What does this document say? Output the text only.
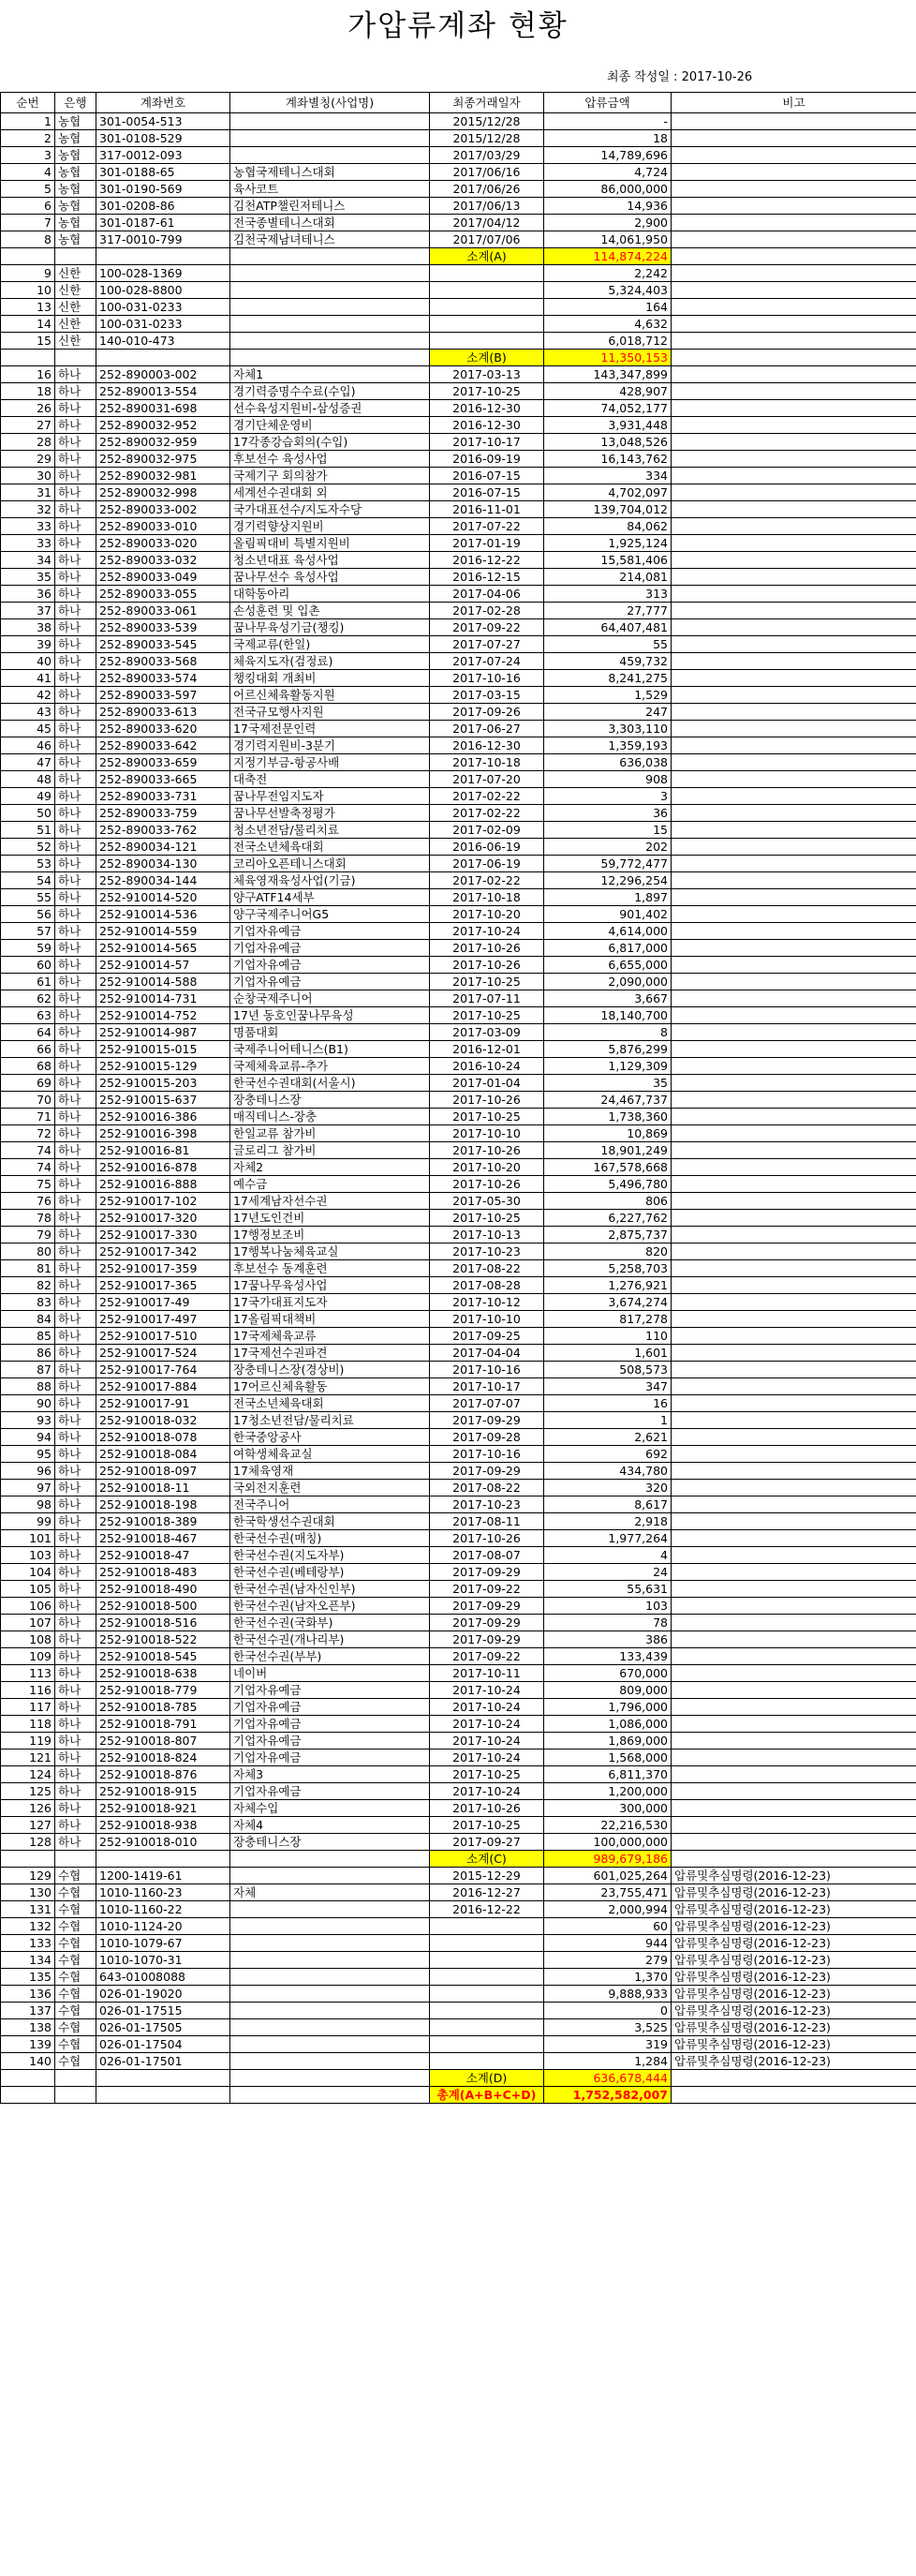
가압류계좌 현황
최종 작성일 : 2017-10-26
순번	은행	계좌번호	계좌별칭(사업명)	최종거래일자	압류금액	비고
1	농협	301-0054-513		2015/12/28	-	
2	농협	301-0108-529		2015/12/28	18	
3	농협	317-0012-093		2017/03/29	14,789,696	
4	농협	301-0188-65	농협국제테니스대회	2017/06/16	4,724	
5	농협	301-0190-569	육사코트	2017/06/26	86,000,000	
6	농협	301-0208-86	김천ATP챌린저테니스	2017/06/13	14,936	
7	농협	301-0187-61	전국종별테니스대회	2017/04/12	2,900	
8	농협	317-0010-799	김천국제남녀테니스	2017/07/06	14,061,950	
				소계(A)	114,874,224	
9	신한	100-028-1369			2,242	
10	신한	100-028-8800			5,324,403	
13	신한	100-031-0233			164	
14	신한	100-031-0233			4,632	
15	신한	140-010-473			6,018,712	
				소계(B)	11,350,153	
16	하나	252-890003-002	자체1	2017-03-13	143,347,899	
18	하나	252-890013-554	경기력증명수수료(수입)	2017-10-25	428,907	
26	하나	252-890031-698	선수육성지원비-삼성증권	2016-12-30	74,052,177	
27	하나	252-890032-952	경기단체운영비	2016-12-30	3,931,448	
28	하나	252-890032-959	17각종강습회의(수입)	2017-10-17	13,048,526	
29	하나	252-890032-975	후보선수 육성사업	2016-09-19	16,143,762	
30	하나	252-890032-981	국제기구 회의참가	2016-07-15	334	
31	하나	252-890032-998	세계선수권대회 외	2016-07-15	4,702,097	
32	하나	252-890033-002	국가대표선수/지도자수당	2016-11-01	139,704,012	
33	하나	252-890033-010	경기력향상지원비	2017-07-22	84,062	
33	하나	252-890033-020	올림픽대비 특별지원비	2017-01-19	1,925,124	
34	하나	252-890033-032	청소년대표 육성사업	2016-12-22	15,581,406	
35	하나	252-890033-049	꿈나무선수 육성사업	2016-12-15	214,081	
36	하나	252-890033-055	대학동아리	2017-04-06	313	
37	하나	252-890033-061	손성훈련 및 입촌	2017-02-28	27,777	
38	하나	252-890033-539	꿈나무육성기금(챙킹)	2017-09-22	64,407,481	
39	하나	252-890033-545	국제교류(한일)	2017-07-27	55	
40	하나	252-890033-568	체육지도자(검정료)	2017-07-24	459,732	
41	하나	252-890033-574	챙킹대회 개최비	2017-10-16	8,241,275	
42	하나	252-890033-597	어르신체육활동지원	2017-03-15	1,529	
43	하나	252-890033-613	전국규모행사지원	2017-09-26	247	
45	하나	252-890033-620	17국제전문인력	2017-06-27	3,303,110	
46	하나	252-890033-642	경기력지원비-3분기	2016-12-30	1,359,193	
47	하나	252-890033-659	지정기부금-항공사배	2017-10-18	636,038	
48	하나	252-890033-665	대축전	2017-07-20	908	
49	하나	252-890033-731	꿈나무전임지도자	2017-02-22	3	
50	하나	252-890033-759	꿈나무선발축정평가	2017-02-22	36	
51	하나	252-890033-762	청소년전담/물리치료	2017-02-09	15	
52	하나	252-890034-121	전국소년체육대회	2016-06-19	202	
53	하나	252-890034-130	코리아오픈테니스대회	2017-06-19	59,772,477	
54	하나	252-890034-144	체육영재육성사업(기금)	2017-02-22	12,296,254	
55	하나	252-910014-520	양구ATF14세부	2017-10-18	1,897	
56	하나	252-910014-536	양구국제주니어G5	2017-10-20	901,402	
57	하나	252-910014-559	기업자유예금	2017-10-24	4,614,000	
59	하나	252-910014-565	기업자유예금	2017-10-26	6,817,000	
60	하나	252-910014-57	기업자유예금	2017-10-26	6,655,000	
61	하나	252-910014-588	기업자유예금	2017-10-25	2,090,000	
62	하나	252-910014-731	순창국제주니어	2017-07-11	3,667	
63	하나	252-910014-752	17년 동호인꿈나무육성	2017-10-25	18,140,700	
64	하나	252-910014-987	명품대회	2017-03-09	8	
66	하나	252-910015-015	국제주니어테니스(B1)	2016-12-01	5,876,299	
68	하나	252-910015-129	국제체육교류-추가	2016-10-24	1,129,309	
69	하나	252-910015-203	한국선수권대회(서울시)	2017-01-04	35	
70	하나	252-910015-637	장충테니스장	2017-10-26	24,467,737	
71	하나	252-910016-386	매직테니스-장충	2017-10-25	1,738,360	
72	하나	252-910016-398	한일교류 참가비	2017-10-10	10,869	
74	하나	252-910016-81	글로리그 참가비	2017-10-26	18,901,249	
74	하나	252-910016-878	자체2	2017-10-20	167,578,668	
75	하나	252-910016-888	예수금	2017-10-26	5,496,780	
76	하나	252-910017-102	17세계남자선수권	2017-05-30	806	
78	하나	252-910017-320	17년도인건비	2017-10-25	6,227,762	
79	하나	252-910017-330	17행정보조비	2017-10-13	2,875,737	
80	하나	252-910017-342	17행복나눔체육교실	2017-10-23	820	
81	하나	252-910017-359	후보선수 동계훈련	2017-08-22	5,258,703	
82	하나	252-910017-365	17꿈나무육성사업	2017-08-28	1,276,921	
83	하나	252-910017-49	17국가대표지도자	2017-10-12	3,674,274	
84	하나	252-910017-497	17올림픽대책비	2017-10-10	817,278	
85	하나	252-910017-510	17국제체육교류	2017-09-25	110	
86	하나	252-910017-524	17국제선수권파견	2017-04-04	1,601	
87	하나	252-910017-764	장충테니스장(경상비)	2017-10-16	508,573	
88	하나	252-910017-884	17어르신체육활동	2017-10-17	347	
90	하나	252-910017-91	전국소년체육대회	2017-07-07	16	
93	하나	252-910018-032	17청소년전담/물리치료	2017-09-29	1	
94	하나	252-910018-078	한국중앙공사	2017-09-28	2,621	
95	하나	252-910018-084	여학생체육교실	2017-10-16	692	
96	하나	252-910018-097	17체육영재	2017-09-29	434,780	
97	하나	252-910018-11	국외전지훈련	2017-08-22	320	
98	하나	252-910018-198	전국주니어	2017-10-23	8,617	
99	하나	252-910018-389	한국학생선수권대회	2017-08-11	2,918	
101	하나	252-910018-467	한국선수권(매칭)	2017-10-26	1,977,264	
103	하나	252-910018-47	한국선수권(지도자부)	2017-08-07	4	
104	하나	252-910018-483	한국선수권(베테랑부)	2017-09-29	24	
105	하나	252-910018-490	한국선수권(남자신인부)	2017-09-22	55,631	
106	하나	252-910018-500	한국선수권(남자오픈부)	2017-09-29	103	
107	하나	252-910018-516	한국선수권(국화부)	2017-09-29	78	
108	하나	252-910018-522	한국선수권(개나리부)	2017-09-29	386	
109	하나	252-910018-545	한국선수권(부부)	2017-09-22	133,439	
113	하나	252-910018-638	네이버	2017-10-11	670,000	
116	하나	252-910018-779	기업자유예금	2017-10-24	809,000	
117	하나	252-910018-785	기업자유예금	2017-10-24	1,796,000	
118	하나	252-910018-791	기업자유예금	2017-10-24	1,086,000	
119	하나	252-910018-807	기업자유예금	2017-10-24	1,869,000	
121	하나	252-910018-824	기업자유예금	2017-10-24	1,568,000	
124	하나	252-910018-876	자체3	2017-10-25	6,811,370	
125	하나	252-910018-915	기업자유예금	2017-10-24	1,200,000	
126	하나	252-910018-921	자체수입	2017-10-26	300,000	
127	하나	252-910018-938	자체4	2017-10-25	22,216,530	
128	하나	252-910018-010	장충테니스장	2017-09-27	100,000,000	
				소계(C)	989,679,186	
129	수협	1200-1419-61		2015-12-29	601,025,264	압류및추심명령(2016-12-23)
130	수협	1010-1160-23	자체	2016-12-27	23,755,471	압류및추심명령(2016-12-23)
131	수협	1010-1160-22		2016-12-22	2,000,994	압류및추심명령(2016-12-23)
132	수협	1010-1124-20			60	압류및추심명령(2016-12-23)
133	수협	1010-1079-67			944	압류및추심명령(2016-12-23)
134	수협	1010-1070-31			279	압류및추심명령(2016-12-23)
135	수협	643-01008088			1,370	압류및추심명령(2016-12-23)
136	수협	026-01-19020			9,888,933	압류및추심명령(2016-12-23)
137	수협	026-01-17515			0	압류및추심명령(2016-12-23)
138	수협	026-01-17505			3,525	압류및추심명령(2016-12-23)
139	수협	026-01-17504			319	압류및추심명령(2016-12-23)
140	수협	026-01-17501			1,284	압류및추심명령(2016-12-23)
				소계(D)	636,678,444	
				총계(A+B+C+D)	1,752,582,007	
